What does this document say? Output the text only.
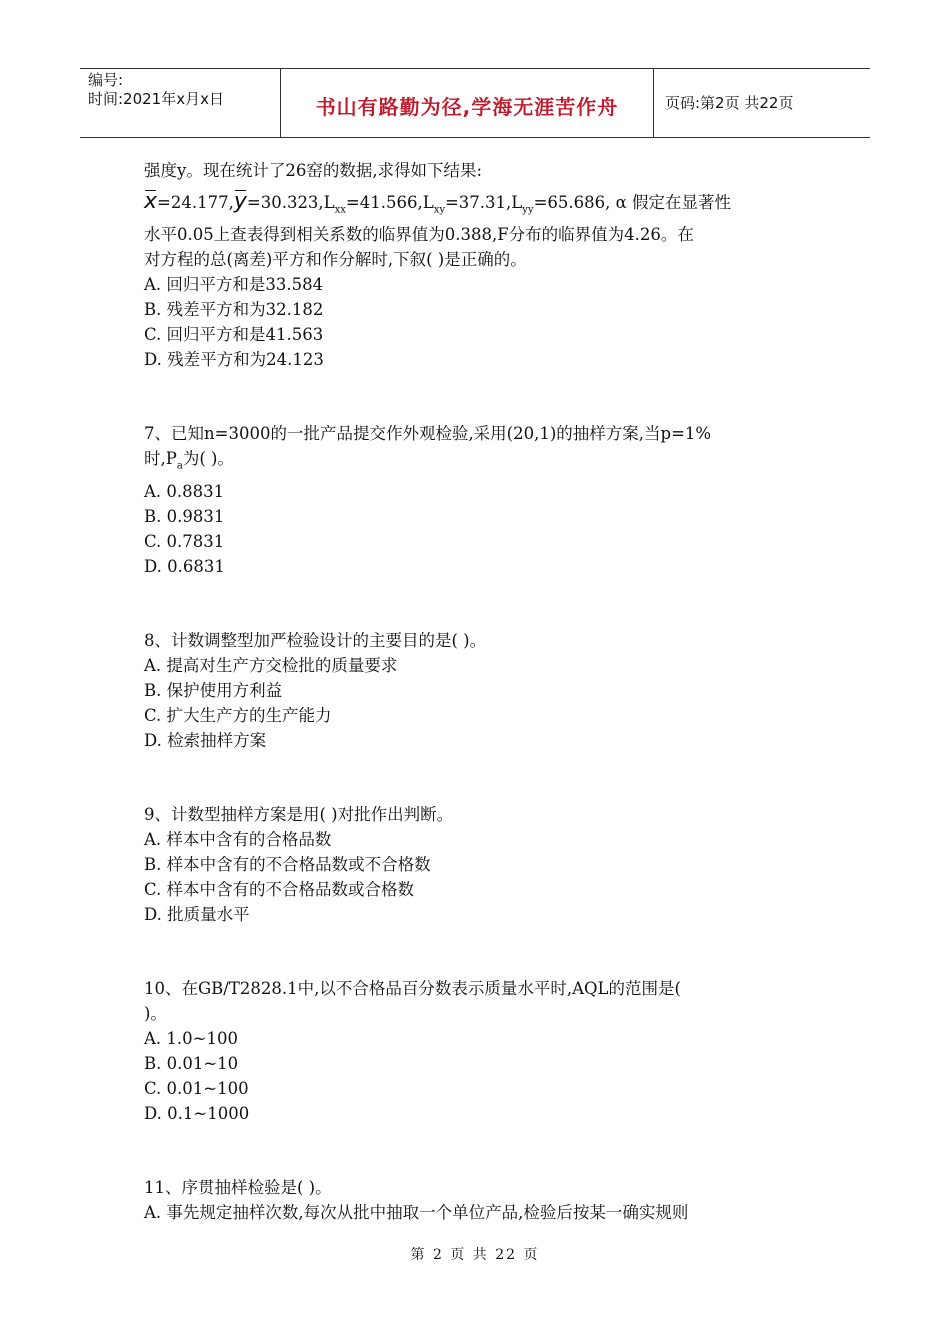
编号:
时间:2021年x月x日	书山有路勤为径,学海无涯苦作舟	页码:第2页 共22页
强度y。现在统计了26窑的数据,求得如下结果:
$x=24.177,y=30.323,L_{xx}=41.566,L_{xy}=37.31,L_{yy}=65.686$, α 假定在显著性
水平0.05上查表得到相关系数的临界值为0.388,F分布的临界值为4.26。在
对方程的总(离差)平方和作分解时,下叙( )是正确的。
A. 回归平方和是33.584
B. 残差平方和为32.182
C. 回归平方和是41.563
D. 残差平方和为24.123
7、已知n=3000的一批产品提交作外观检验,采用(20,1)的抽样方案,当p=1%
时$,P_a$为( )。
A. 0.8831
B. 0.9831
C. 0.7831
D. 0.6831
8、计数调整型加严检验设计的主要目的是( )。
A. 提高对生产方交检批的质量要求
B. 保护使用方利益
C. 扩大生产方的生产能力
D. 检索抽样方案
9、计数型抽样方案是用( )对批作出判断。
A. 样本中含有的合格品数
B. 样本中含有的不合格品数或不合格数
C. 样本中含有的不合格品数或合格数
D. 批质量水平
10、在GB/T2828.1中,以不合格品百分数表示质量水平时,AQL的范围是(
)。
A. 1.0~100
B. 0.01~10
C. 0.01~100
D. 0.1~1000
11、序贯抽样检验是( )。
A. 事先规定抽样次数,每次从批中抽取一个单位产品,检验后按某一确实规则
第 2 页 共 22 页
